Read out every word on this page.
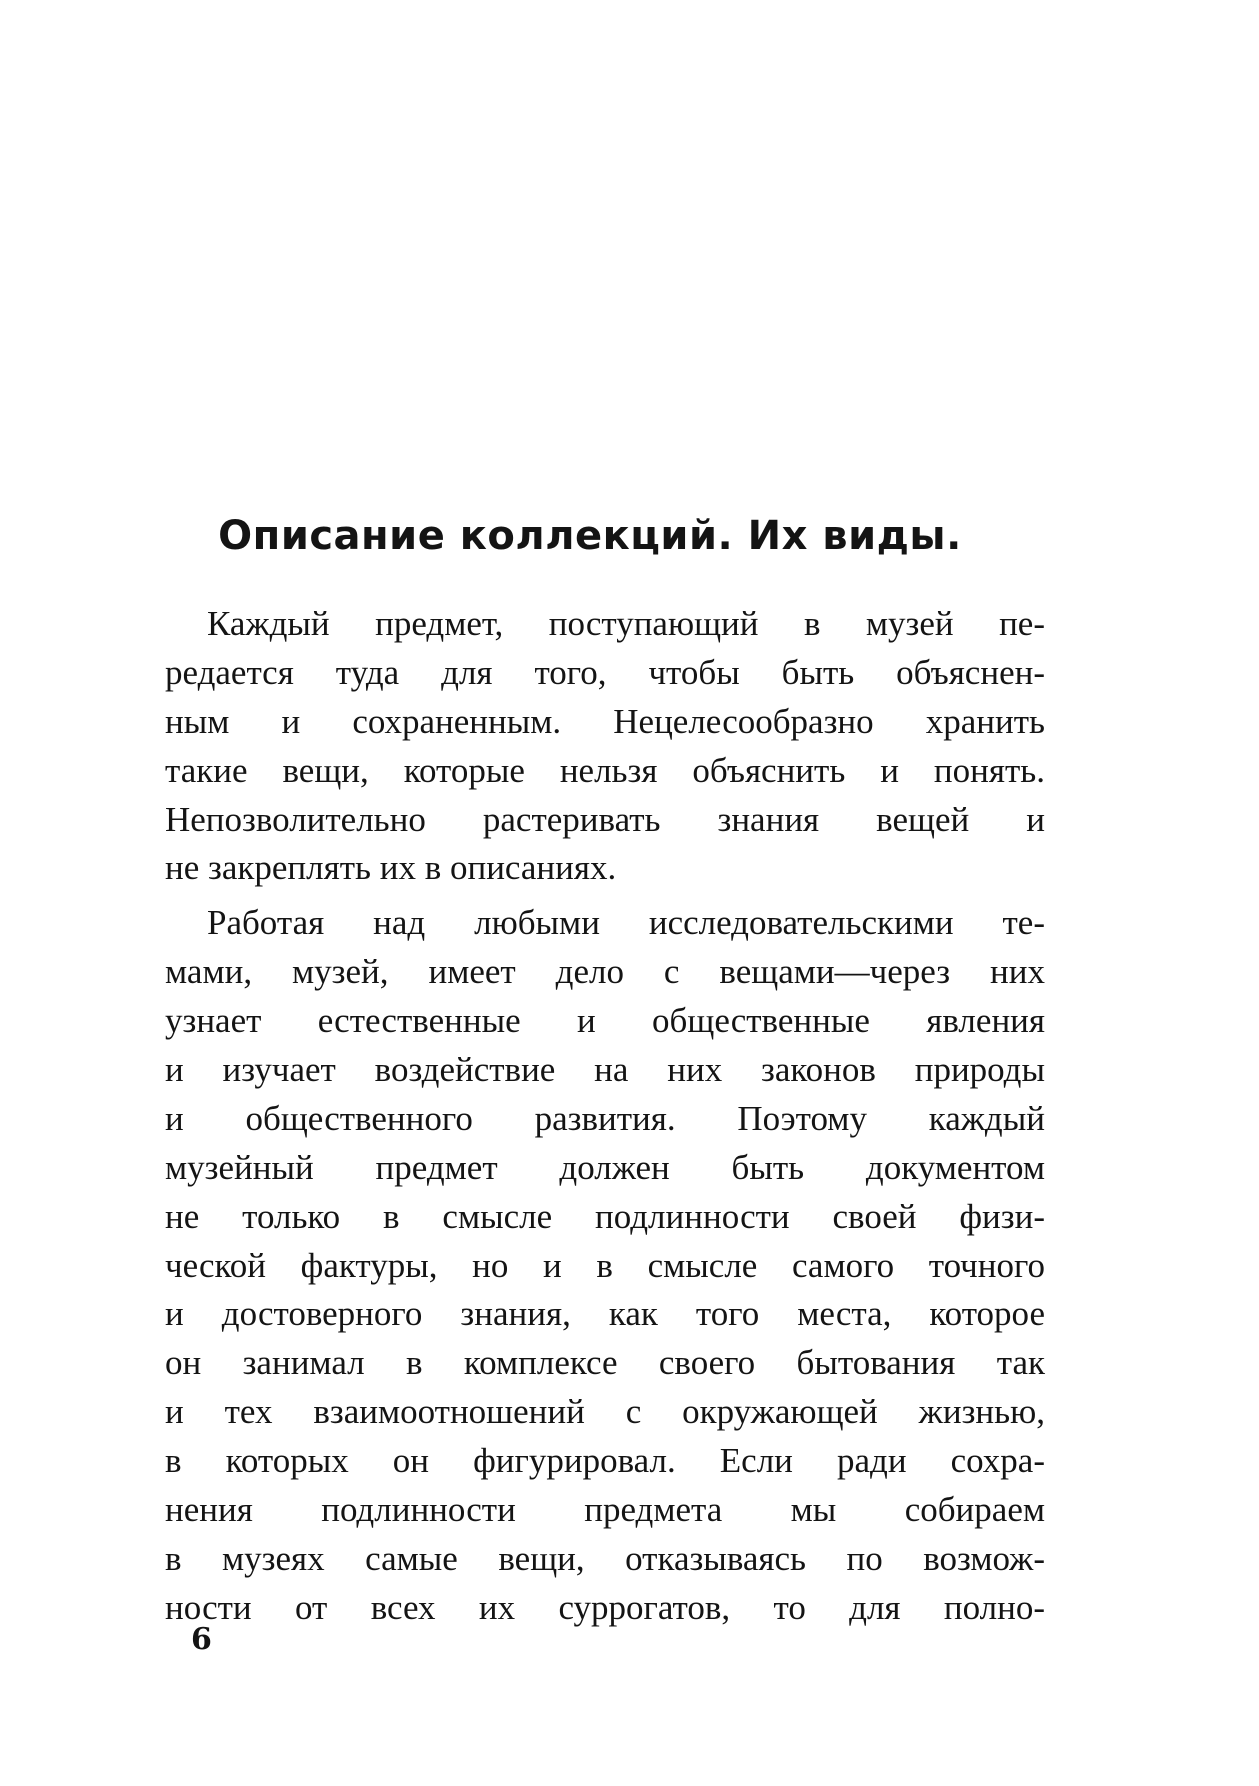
Описание коллекций. Их виды.
Каждый предмет, поступающий в музей пе-
редается туда для того, чтобы быть объяснен-
ным и сохраненным. Нецелесообразно хранить
такие вещи, которые нельзя объяснить и понять.
Непозволительно растеривать знания вещей и
не закреплять их в описаниях.
Работая над любыми исследовательскими те-
мами, музей, имеет дело с вещами—через них
узнает естественные и общественные явления
и изучает воздействие на них законов природы
и общественного развития. Поэтому каждый
музейный предмет должен быть документом
не только в смысле подлинности своей физи-
ческой фактуры, но и в смысле самого точного
и достоверного знания, как того места, которое
он занимал в комплексе своего бытования так
и тех взаимоотношений с окружающей жизнью,
в которых он фигурировал. Если ради сохра-
нения подлинности предмета мы собираем
в музеях самые вещи, отказываясь по возмож-
ности от всех их суррогатов, то для полно-
6
